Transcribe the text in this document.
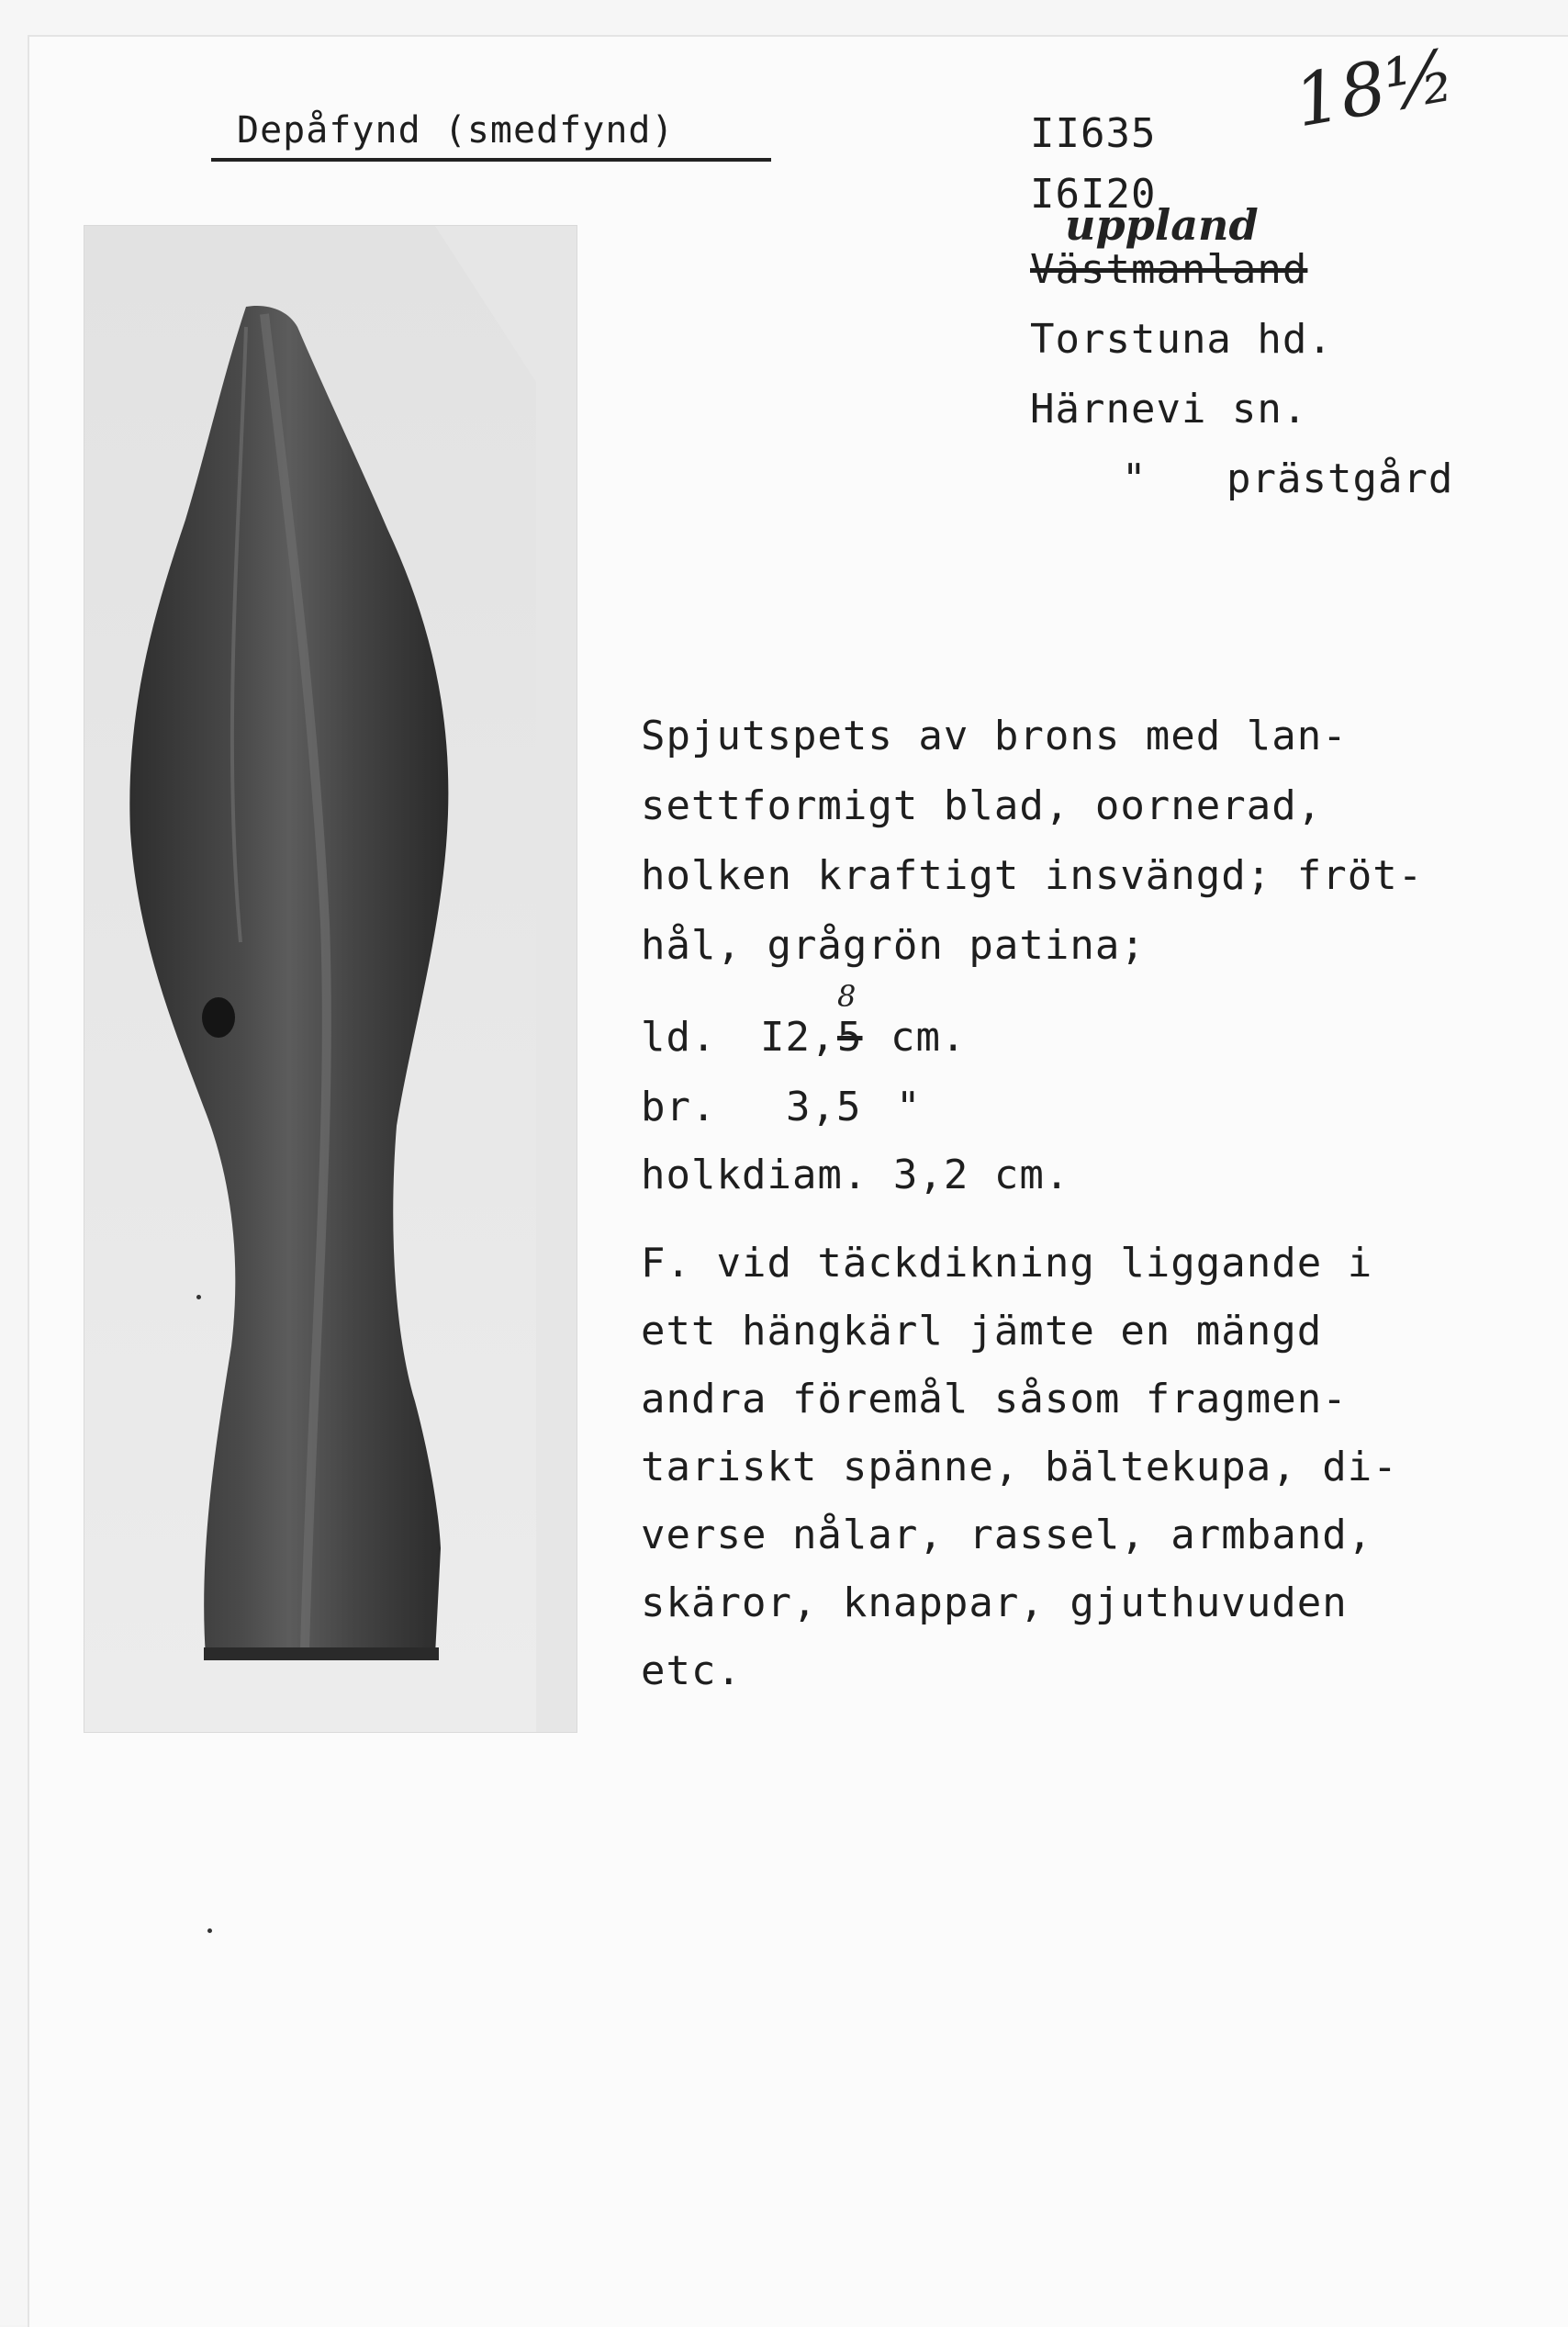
Depåfynd (smedfynd)	18½
II635
I6I20
uppland
Västmanland
Torstuna hd.
Härnevi sn.
" prästgård
Spjutspets av brons med lan-
settformigt blad, oornerad,
holken kraftigt insvängd; fröt-
hål, grågrön patina;
8
ld. I2, 5 cm.
br. 3,5 "
holkdiam. 3,2 cm.
F. vid täckdikning liggande i
ett hängkärl jämte en mängd
andra föremål såsom fragmen-
tariskt spänne, bältekupa, di-
verse nålar, rassel, armband,
skäror, knappar, gjuthuvuden
etc.
